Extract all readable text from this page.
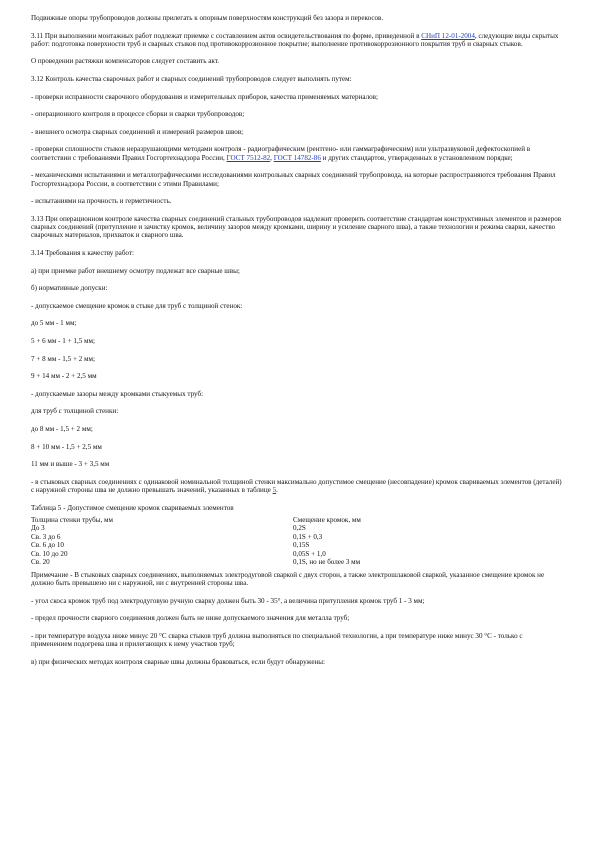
Подвижные опоры трубопроводов должны прилегать к опорным поверхностям конструкций без зазора и перекосов.

3.11 При выполнении монтажных работ подлежат приемке с составлением актов освидетельствования по форме, приведенной в СНиП 12-01-2004, следующие виды скрытых работ: подготовка поверхности труб и сварных стыков под противокоррозионное покрытие; выполнение противокоррозионного покрытия труб и сварных стыков.

О проведении растяжки компенсаторов следует составить акт.

3.12 Контроль качества сварочных работ и сварных соединений трубопроводов следует выполнять путем:

- проверки исправности сварочного оборудования и измерительных приборов, качества применяемых материалов;

- операционного контроля в процессе сборки и сварки трубопроводов;

- внешнего осмотра сварных соединений и измерений размеров швов;

- проверки сплошности стыков неразрушающими методами контроля - радиографическим (рентгено- или гаммаграфическим) или ультразвуковой дефектоскопией в соответствии с требованиями Правил Госгортехнадзора России, ГОСТ 7512-82, ГОСТ 14782-86 и других стандартов, утвержденных в установленном порядке;

- механическими испытаниями и металлографическими исследованиями контрольных сварных соединений трубопровода, на которые распространяются требования Правил Госгортехнадзора России, в соответствии с этими Правилами;

- испытаниями на прочность и герметичность.

3.13 При операционном контроле качества сварных соединений стальных трубопроводов надлежит проверить соответствие стандартам конструктивных элементов и размеров сварных соединений (притупление и зачистку кромок, величину зазоров между кромками, ширину и усиление сварного шва), а также технологии и режима сварки, качество сварочных материалов, прихваток и сварного шва.

3.14 Требования к качеству работ:

а) при приемке работ внешнему осмотру подлежат все сварные швы;

б) нормативные допуски:

- допускаемое смещение кромок в стыке для труб с толщиной стенок:

до 5 мм - 1 мм;

5 + 6 мм - 1 + 1,5 мм;

7 + 8 мм - 1,5 + 2 мм;

9 + 14 мм - 2 + 2,5 мм

- допускаемые зазоры между кромками стыкуемых труб:

для труб с толщиной стенки:

до 8 мм - 1,5 + 2 мм;

8 + 10 мм - 1,5 + 2,5 мм

11 мм и выше - 3 + 3,5 мм

- в стыковых сварных соединениях с одинаковой номинальной толщиной стенки максимально допустимое смещение (несовпадение) кромок свариваемых элементов (деталей) с наружной стороны шва не должно превышать значений, указанных в таблице 5.

Таблица 5 - Допустимое смещение кромок свариваемых элементов
Толщина стенки трубы, мм	Смещение кромок, мм
До 3	0,2S
Св. 3 до 6	0,1S + 0,3
Св. 6 до 10	0,15S
Св. 10 до 20	0,05S + 1,0
Св. 20	0,1S, но не более 3 мм
Примечание - В стыковых сварных соединениях, выполняемых электродуговой сваркой с двух сторон, а также электрошлаковой сваркой, указанное смещение кромок не должно быть превышено ни с наружной, ни с внутренней стороны шва.

- угол скоса кромок труб под электродуговую ручную сварку должен быть 30 - 35°, а величина притупления кромок труб 1 - 3 мм;

- предел прочности сварного соединения должен быть не ниже допускаемого значения для металла труб;

- при температуре воздуха ниже минус 20 °C сварка стыков труб должна выполняться по специальной технологии, а при температуре ниже минус 30 °C - только с применением подогрева шва и прилегающих к нему участков труб;

в) при физических методах контроля сварные швы должны браковаться, если будут обнаружены:
